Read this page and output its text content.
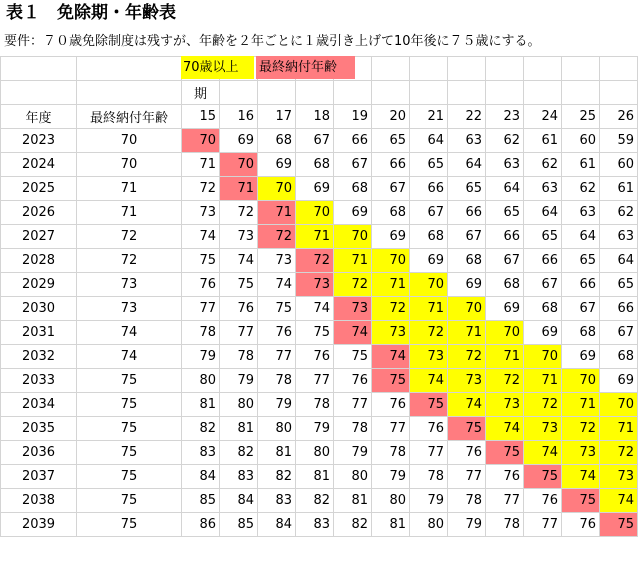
表１　免除期・年齢表
要件：７０歳免除制度は残すが、年齢を２年ごとに１歳引き上げて10年後に７５歳にする。

		期											
年度	最終納付年齢	15	16	17	18	19	20	21	22	23	24	25	26
2023	70	70	69	68	67	66	65	64	63	62	61	60	59
2024	70	71	70	69	68	67	66	65	64	63	62	61	60
2025	71	72	71	70	69	68	67	66	65	64	63	62	61
2026	71	73	72	71	70	69	68	67	66	65	64	63	62
2027	72	74	73	72	71	70	69	68	67	66	65	64	63
2028	72	75	74	73	72	71	70	69	68	67	66	65	64
2029	73	76	75	74	73	72	71	70	69	68	67	66	65
2030	73	77	76	75	74	73	72	71	70	69	68	67	66
2031	74	78	77	76	75	74	73	72	71	70	69	68	67
2032	74	79	78	77	76	75	74	73	72	71	70	69	68
2033	75	80	79	78	77	76	75	74	73	72	71	70	69
2034	75	81	80	79	78	77	76	75	74	73	72	71	70
2035	75	82	81	80	79	78	77	76	75	74	73	72	71
2036	75	83	82	81	80	79	78	77	76	75	74	73	72
2037	75	84	83	82	81	80	79	78	77	76	75	74	73
2038	75	85	84	83	82	81	80	79	78	77	76	75	74
2039	75	86	85	84	83	82	81	80	79	78	77	76	75
70歳以上	最終納付年齢
